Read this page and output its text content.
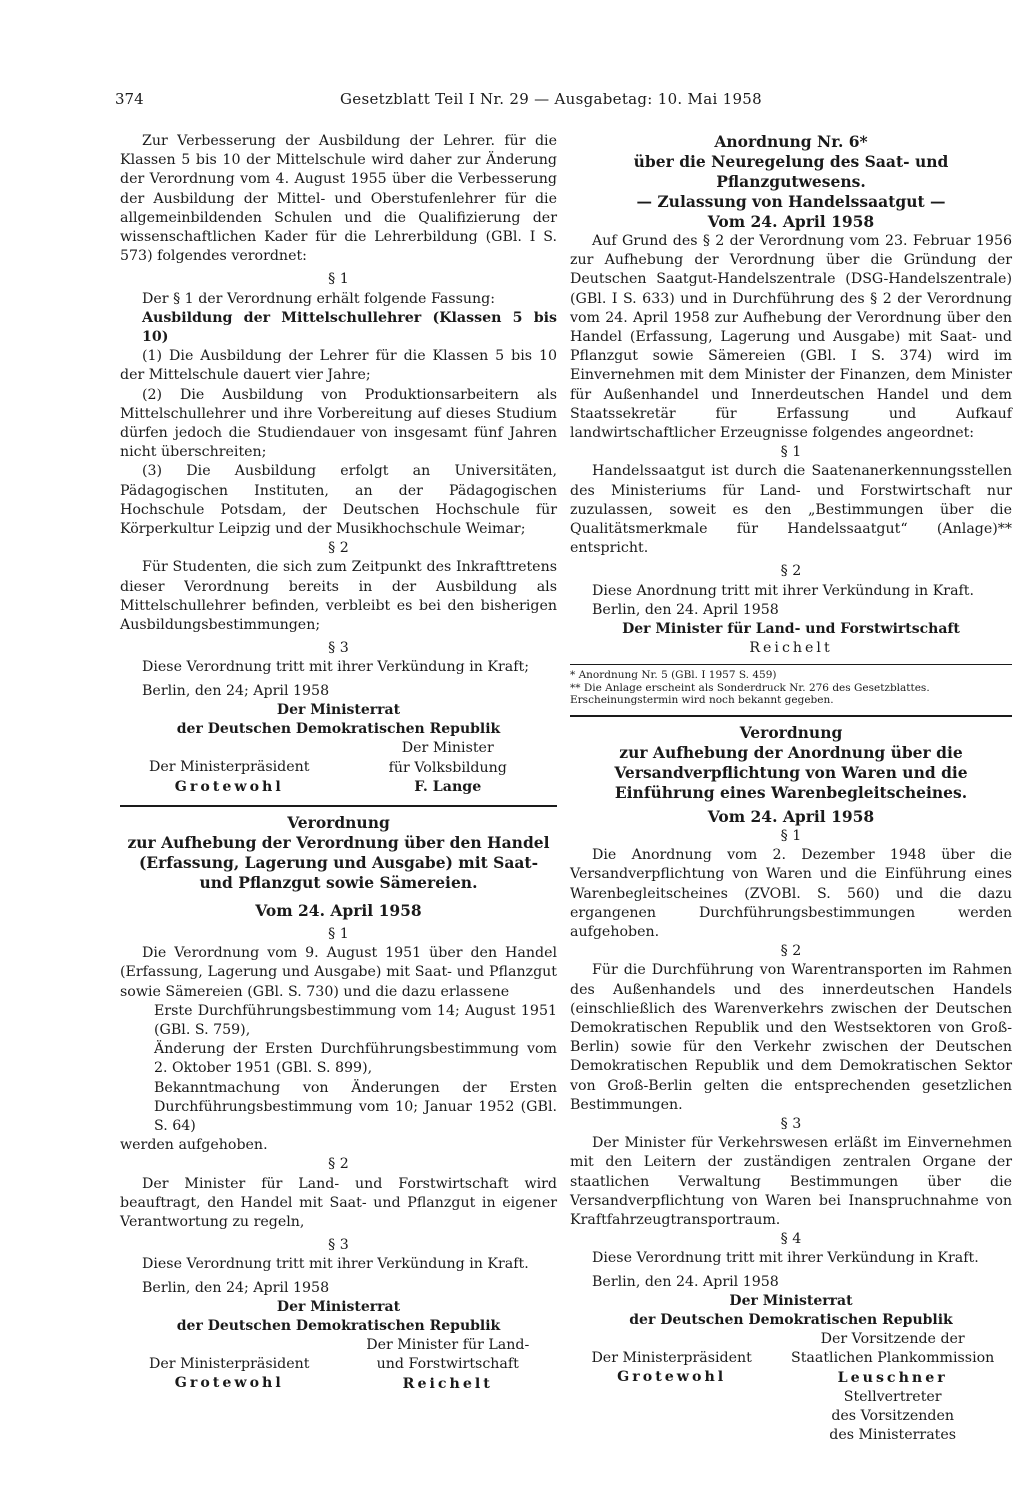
374	Gesetzblatt Teil I Nr. 29 — Ausgabetag: 10. Mai 1958

Zur Verbesserung der Ausbildung der Lehrer. für die Klassen 5 bis 10 der Mittelschule wird daher zur Änderung der Verordnung vom 4. August 1955 über die Verbesserung der Ausbildung der Mittel- und Oberstufenlehrer für die allgemeinbildenden Schulen und die Qualifizierung der wissenschaftlichen Kader für die Lehrerbildung (GBl. I S. 573) folgendes verordnet:

§ 1

Der § 1 der Verordnung erhält folgende Fassung:

Ausbildung der Mittelschullehrer (Klassen 5 bis 10)

(1) Die Ausbildung der Lehrer für die Klassen 5 bis 10 der Mittelschule dauert vier Jahre;

(2) Die Ausbildung von Produktionsarbeitern als Mittelschullehrer und ihre Vorbereitung auf dieses Studium dürfen jedoch die Studiendauer von insgesamt fünf Jahren nicht überschreiten;

(3) Die Ausbildung erfolgt an Universitäten, Pädagogischen Instituten, an der Pädagogischen Hochschule Potsdam, der Deutschen Hochschule für Körperkultur Leipzig und der Musikhochschule Weimar;

§ 2

Für Studenten, die sich zum Zeitpunkt des Inkrafttretens dieser Verordnung bereits in der Ausbildung als Mittelschullehrer befinden, verbleibt es bei den bisherigen Ausbildungsbestimmungen;

§ 3

Diese Verordnung tritt mit ihrer Verkündung in Kraft;

Berlin, den 24; April 1958

Der Ministerrat

der Deutschen Demokratischen Republik

Der Ministerpräsident
Grotewohl
Der Minister
für Volksbildung
F. Lange
Verordnung
zur Aufhebung der Verordnung über den Handel (Erfassung, Lagerung und Ausgabe) mit Saat- und Pflanzgut sowie Sämereien.
Vom 24. April 1958

§ 1

Die Verordnung vom 9. August 1951 über den Handel (Erfassung, Lagerung und Ausgabe) mit Saat- und Pflanzgut sowie Sämereien (GBl. S. 730) und die dazu erlassene

Erste Durchführungsbestimmung vom 14; August 1951 (GBl. S. 759),

Änderung der Ersten Durchführungsbestimmung vom 2. Oktober 1951 (GBl. S. 899),

Bekanntmachung von Änderungen der Ersten Durchführungsbestimmung vom 10; Januar 1952 (GBl. S. 64)

werden aufgehoben.

§ 2

Der Minister für Land- und Forstwirtschaft wird beauftragt, den Handel mit Saat- und Pflanzgut in eigener Verantwortung zu regeln,

§ 3

Diese Verordnung tritt mit ihrer Verkündung in Kraft.

Berlin, den 24; April 1958

Der Ministerrat

der Deutschen Demokratischen Republik

Der Ministerpräsident
Grotewohl
Der Minister für Land-
und Forstwirtschaft
Reichelt
Anordnung Nr. 6*
über die Neuregelung des Saat- und Pflanzgutwesens.
— Zulassung von Handelssaatgut —
Vom 24. April 1958

Auf Grund des § 2 der Verordnung vom 23. Februar 1956 zur Aufhebung der Verordnung über die Gründung der Deutschen Saatgut-Handelszentrale (DSG-Handelszentrale) (GBl. I S. 633) und in Durchführung des § 2 der Verordnung vom 24. April 1958 zur Aufhebung der Verordnung über den Handel (Erfassung, Lagerung und Ausgabe) mit Saat- und Pflanzgut sowie Sämereien (GBl. I S. 374) wird im Einvernehmen mit dem Minister der Finanzen, dem Minister für Außenhandel und Innerdeutschen Handel und dem Staatssekretär für Erfassung und Aufkauf landwirtschaftlicher Erzeugnisse folgendes angeordnet:

§ 1

Handelssaatgut ist durch die Saatenanerkennungsstellen des Ministeriums für Land- und Forstwirtschaft nur zuzulassen, soweit es den „Bestimmungen über die Qualitätsmerkmale für Handelssaatgut“ (Anlage)** entspricht.

§ 2

Diese Anordnung tritt mit ihrer Verkündung in Kraft.

Berlin, den 24. April 1958

Der Minister für Land- und Forstwirtschaft

Reichelt

* Anordnung Nr. 5 (GBl. I 1957 S. 459)

** Die Anlage erscheint als Sonderdruck Nr. 276 des Gesetzblattes. Erscheinungstermin wird noch bekannt gegeben.

Verordnung
zur Aufhebung der Anordnung über die Versandverpflichtung von Waren und die Einführung eines Warenbegleitscheines.
Vom 24. April 1958

§ 1

Die Anordnung vom 2. Dezember 1948 über die Versandverpflichtung von Waren und die Einführung eines Warenbegleitscheines (ZVOBl. S. 560) und die dazu ergangenen Durchführungsbestimmungen werden aufgehoben.

§ 2

Für die Durchführung von Warentransporten im Rahmen des Außenhandels und des innerdeutschen Handels (einschließlich des Warenverkehrs zwischen der Deutschen Demokratischen Republik und den Westsektoren von Groß-Berlin) sowie für den Verkehr zwischen der Deutschen Demokratischen Republik und dem Demokratischen Sektor von Groß-Berlin gelten die entsprechenden gesetzlichen Bestimmungen.

§ 3

Der Minister für Verkehrswesen erläßt im Einvernehmen mit den Leitern der zuständigen zentralen Organe der staatlichen Verwaltung Bestimmungen über die Versandverpflichtung von Waren bei Inanspruchnahme von Kraftfahrzeugtransportraum.

§ 4

Diese Verordnung tritt mit ihrer Verkündung in Kraft.

Berlin, den 24. April 1958

Der Ministerrat

der Deutschen Demokratischen Republik

Der Ministerpräsident
Grotewohl
Der Vorsitzende der
Staatlichen Plankommission
Leuschner
Stellvertreter
des Vorsitzenden
des Ministerrates
